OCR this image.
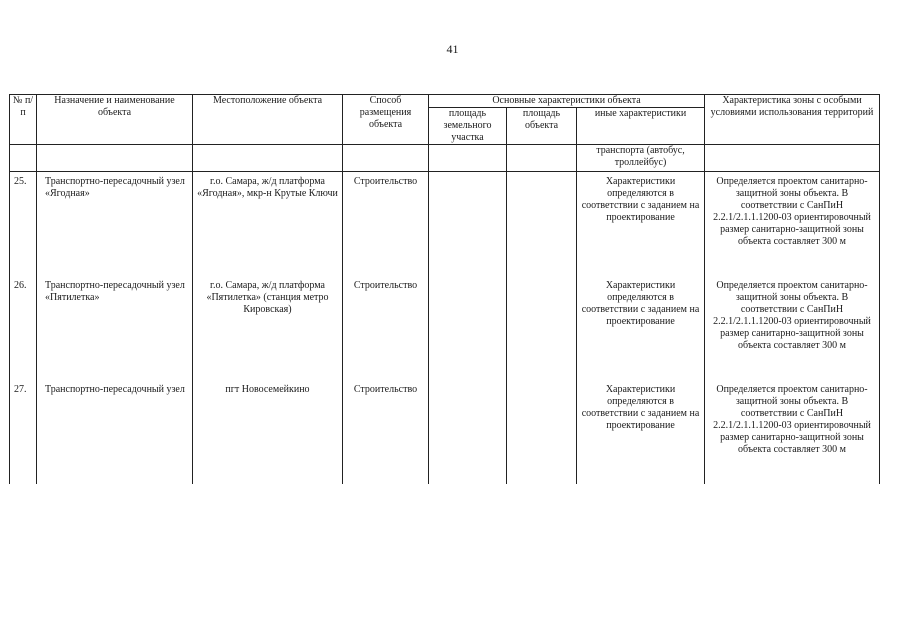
41
№ п/п	Назначение и наименование объекта	Местоположение объекта	Способ размещения объекта	Основные характеристики объекта			Характеристика зоны с особыми условиями использования территорий
				площадь земельного участка	площадь объекта	иные характеристики	
						транспорта (автобус, троллейбус)	
25.	Транспортно-пересадочный узел «Ягодная»	г.о. Самара, ж/д платформа «Ягодная», мкр-н Крутые Ключи	Строительство			Характеристики определяются в соответствии с заданием на проектирование	Определяется проектом санитарно-защитной зоны объекта. В соответствии с СанПиН 2.2.1/2.1.1.1200-03 ориентировочный размер санитарно-защитной зоны объекта составляет 300 м
26.	Транспортно-пересадочный узел «Пятилетка»	г.о. Самара, ж/д платформа «Пятилетка» (станция метро Кировская)	Строительство			Характеристики определяются в соответствии с заданием на проектирование	Определяется проектом санитарно-защитной зоны объекта. В соответствии с СанПиН 2.2.1/2.1.1.1200-03 ориентировочный размер санитарно-защитной зоны объекта составляет 300 м
27.	Транспортно-пересадочный узел	пгт Новосемейкино	Строительство			Характеристики определяются в соответствии с заданием на проектирование	Определяется проектом санитарно-защитной зоны объекта. В соответствии с СанПиН 2.2.1/2.1.1.1200-03 ориентировочный размер санитарно-защитной зоны объекта составляет 300 м
